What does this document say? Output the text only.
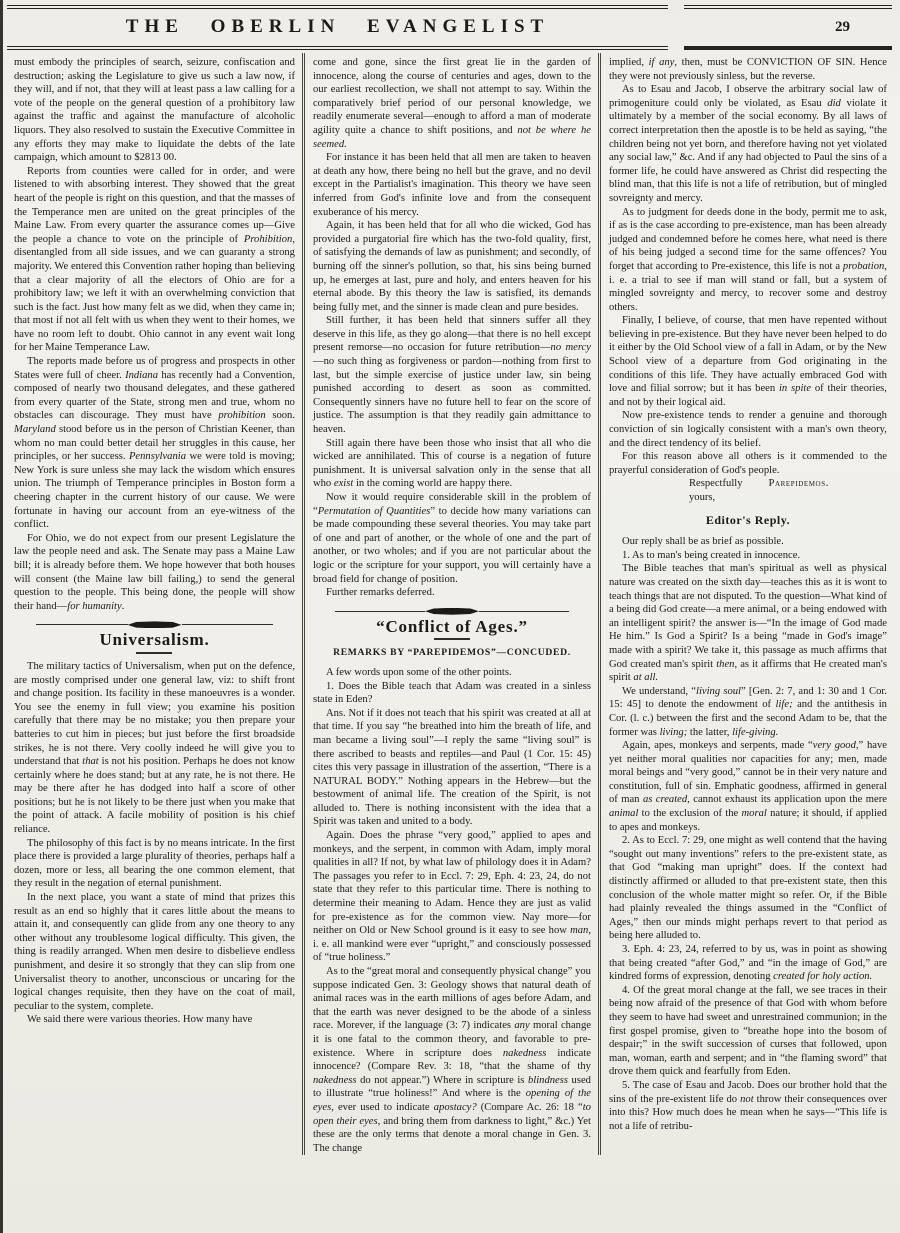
THE OBERLIN EVANGELIST	29

must embody the principles of search, seizure, confiscation and destruction; asking the Legislature to give us such a law now, if they will, and if not, that they will at least pass a law calling for a vote of the people on the general question of a prohibitory law against the traffic and against the manufacture of alcoholic liquors. They also resolved to sustain the Executive Committee in any efforts they may make to liquidate the debts of the late campaign, which amount to $2813 00.

Reports from counties were called for in order, and were listened to with absorbing interest. They showed that the great heart of the people is right on this question, and that the masses of the Temperance men are united on the great principles of the Maine Law. From every quarter the assurance comes up—Give the people a chance to vote on the principle of Prohibition, disentangled from all side issues, and we can guaranty a strong majority. We entered this Convention rather hoping than believing that a clear majority of all the electors of Ohio are for a prohibitory law; we left it with an overwhelming conviction that such is the fact. Just how many felt as we did, when they came in; that most if not all felt with us when they went to their homes, we have no room left to doubt. Ohio cannot in any event wait long for her Maine Temperance Law.

The reports made before us of progress and prospects in other States were full of cheer. Indiana has recently had a Convention, composed of nearly two thousand delegates, and these gathered from every quarter of the State, strong men and true, whom no obstacles can discourage. They must have prohibition soon. Maryland stood before us in the person of Christian Keener, than whom no man could better detail her struggles in this cause, her principles, or her success. Pennsylvania we were told is moving; New York is sure unless she may lack the wisdom which ensures union. The triumph of Temperance principles in Boston form a cheering chapter in the current history of our cause. We were fortunate in having our account from an eye-witness of the conflict.

For Ohio, we do not expect from our present Legislature the law the people need and ask. The Senate may pass a Maine Law bill; it is already before them. We hope however that both houses will consent (the Maine law bill failing,) to send the general question to the people. This being done, the people will show their hand—for humanity.

Universalism.

The military tactics of Universalism, when put on the defence, are mostly comprised under one general law, viz: to shift front and change position. Its facility in these manoeuvres is a wonder. You see the enemy in full view; you examine his position carefully that there may be no mistake; you then prepare your batteries to cut him in pieces; but just before the first broadside strikes, he is not there. Very coolly indeed he will give you to understand that that is not his position. Perhaps he does not know certainly where he does stand; but at any rate, he is not there. He may be there after he has dodged into half a score of other positions; but he is not likely to be there just when you make that the point of attack. A facile mobility of position is his chief reliance.

The philosophy of this fact is by no means intricate. In the first place there is provided a large plurality of theories, perhaps half a dozen, more or less, all bearing the one common element, that they result in the negation of eternal punishment.

In the next place, you want a state of mind that prizes this result as an end so highly that it cares little about the means to attain it, and consequently can glide from any one theory to any other without any troublesome logical difficulty. This given, the thing is readily arranged. When men desire to disbelieve endless punishment, and desire it so strongly that they can slip from one Universalist theory to another, unconscious or uncaring for the logical changes requisite, then they have on the coat of mail, peculiar to the system, complete.

We said there were various theories. How many have

come and gone, since the first great lie in the garden of innocence, along the course of centuries and ages, down to the our earliest recollection, we shall not attempt to say. Within the comparatively brief period of our personal knowledge, we readily enumerate several—enough to afford a man of moderate agility quite a chance to shift positions, and not be where he seemed.

For instance it has been held that all men are taken to heaven at death any how, there being no hell but the grave, and no devil except in the Partialist's imagination. This theory we have seen inferred from God's infinite love and from the consequent exuberance of his mercy.

Again, it has been held that for all who die wicked, God has provided a purgatorial fire which has the two-fold quality, first, of satisfying the demands of law as punishment; and secondly, of burning off the sinner's pollution, so that, his sins being burned up, he emerges at last, pure and holy, and enters heaven for his eternal abode. By this theory the law is satisfied, its demands being fully met, and the sinner is made clean and pure besides.

Still further, it has been held that sinners suffer all they deserve in this life, as they go along—that there is no hell except present remorse—no occasion for future retribution—no mercy—no such thing as forgiveness or pardon—nothing from first to last, but the simple exercise of justice under law, sin being punished according to desert as soon as committed. Consequently sinners have no future hell to fear on the score of justice. The assumption is that they readily gain admittance to heaven.

Still again there have been those who insist that all who die wicked are annihilated. This of course is a negation of future punishment. It is universal salvation only in the sense that all who exist in the coming world are happy there.

Now it would require considerable skill in the problem of “Permutation of Quantities” to decide how many variations can be made compounding these several theories. You may take part of one and part of another, or the whole of one and the part of another, or two wholes; and if you are not particular about the logic or the scripture for your support, you will certainly have a broad field for change of position.

Further remarks deferred.

“Conflict of Ages.”
REMARKS BY “PAREPIDEMOS”—CONCUDED.

A few words upon some of the other points.

1. Does the Bible teach that Adam was created in a sinless state in Eden?

Ans. Not if it does not teach that his spirit was created at all at that time. If you say “he breathed into him the breath of life, and man became a living soul”—I reply the same “living soul” is there ascribed to beasts and reptiles—and Paul (1 Cor. 15: 45) cites this very passage in illustration of the assertion, “There is a NATURAL BODY.” Nothing appears in the Hebrew—but the bestowment of animal life. The creation of the Spirit, is not alluded to. There is nothing inconsistent with the idea that a Spirit was taken and united to a body.

Again. Does the phrase “very good,” applied to apes and monkeys, and the serpent, in common with Adam, imply moral qualities in all? If not, by what law of philology does it in Adam? The passages you refer to in Eccl. 7: 29, Eph. 4: 23, 24, do not state that they refer to this particular time. There is nothing to determine their meaning to Adam. Hence they are just as valid for pre-existence as for the common view. Nay more—for neither on Old or New School ground is it easy to see how man, i. e. all mankind were ever “upright,” and consciously possessed of “true holiness.”

As to the “great moral and consequently physical change” you suppose indicated Gen. 3: Geology shows that natural death of animal races was in the earth millions of ages before Adam, and that the earth was never designed to be the abode of a sinless race. Morever, if the language (3: 7) indicates any moral change it is one fatal to the common theory, and favorable to pre-existence. Where in scripture does nakedness indicate innocence? (Compare Rev. 3: 18, “that the shame of thy nakedness do not appear.”) Where in scripture is blindness used to illustrate “true holiness!” And where is the opening of the eyes, ever used to indicate apostacy? (Compare Ac. 26: 18 “to open their eyes, and bring them from darkness to light,” &c.) Yet these are the only terms that denote a moral change in Gen. 3. The change

implied, if any, then, must be CONVICTION OF SIN. Hence they were not previously sinless, but the reverse.

As to Esau and Jacob, I observe the arbitrary social law of primogeniture could only be violated, as Esau did violate it ultimately by a member of the social economy. By all laws of correct interpretation then the apostle is to be held as saying, “the children being not yet born, and therefore having not yet violated any social law,” &c. And if any had objected to Paul the sins of a former life, he could have answered as Christ did respecting the blind man, that this life is not a life of retribution, but of mingled sovreignty and mercy.

As to judgment for deeds done in the body, permit me to ask, if as is the case according to pre-existence, man has been already judged and condemned before he comes here, what need is there of his being judged a second time for the same offences? You forget that according to Pre-existence, this life is not a probation, i. e. a trial to see if man will stand or fall, but a system of mingled sovreignty and mercy, to recover some and destroy others.

Finally, I believe, of course, that men have repented without believing in pre-existence. But they have never been helped to do it either by the Old School view of a fall in Adam, or by the New School view of a departure from God originating in the conditions of this life. They have actually embraced God with love and filial sorrow; but it has been in spite of their theories, and not by their logical aid.

Now pre-existence tends to render a genuine and thorough conviction of sin logically consistent with a man's own theory, and the direct tendency of its belief.

For this reason above all others is it commended to the prayerful consideration of God's people.

Respectfully yours,
Parepidemos.
Editor's Reply.

Our reply shall be as brief as possible.

1. As to man's being created in innocence.

The Bible teaches that man's spiritual as well as physical nature was created on the sixth day—teaches this as it is wont to teach things that are not disputed. To the question—What kind of a being did God create—a mere animal, or a being endowed with an intelligent spirit? the answer is—“In the image of God made He him.” Is God a Spirit? Is a being “made in God's image” made with a spirit? We take it, this passage as much affirms that God created man's spirit then, as it affirms that He created man's spirit at all.

We understand, “living soul” [Gen. 2: 7, and 1: 30 and 1 Cor. 15: 45] to denote the endowment of life; and the antithesis in Cor. (l. c.) between the first and the second Adam to be, that the former was living; the latter, life-giving.

Again, apes, monkeys and serpents, made “very good,” have yet neither moral qualities nor capacities for any; men, made moral beings and “very good,” cannot be in their very nature and constitution, full of sin. Emphatic goodness, affirmed in general of man as created, cannot exhaust its application upon the mere animal to the exclusion of the moral nature; it should, if applied to apes and monkeys.

2. As to Eccl. 7: 29, one might as well contend that the having “sought out many inventions” refers to the pre-existent state, as that God “making man upright” does. If the context had distinctly affirmed or alluded to that pre-existent state, then this conclusion of the whole matter might so refer. Or, if the Bible had plainly revealed the things assumed in the “Conflict of Ages,” then our minds might perhaps revert to that period as being here alluded to.

3. Eph. 4: 23, 24, referred to by us, was in point as showing that being created “after God,” and “in the image of God,” are kindred forms of expression, denoting created for holy action.

4. Of the great moral change at the fall, we see traces in their being now afraid of the presence of that God with whom before they seem to have had sweet and unrestrained communion; in the first gospel promise, given to “breathe hope into the bosom of despair;” in the swift succession of curses that followed, upon man, woman, earth and serpent; and in “the flaming sword” that drove them quick and fearfully from Eden.

5. The case of Esau and Jacob. Does our brother hold that the sins of the pre-existent life do not throw their consequences over into this? How much does he mean when he says—“This life is not a life of retribu-
